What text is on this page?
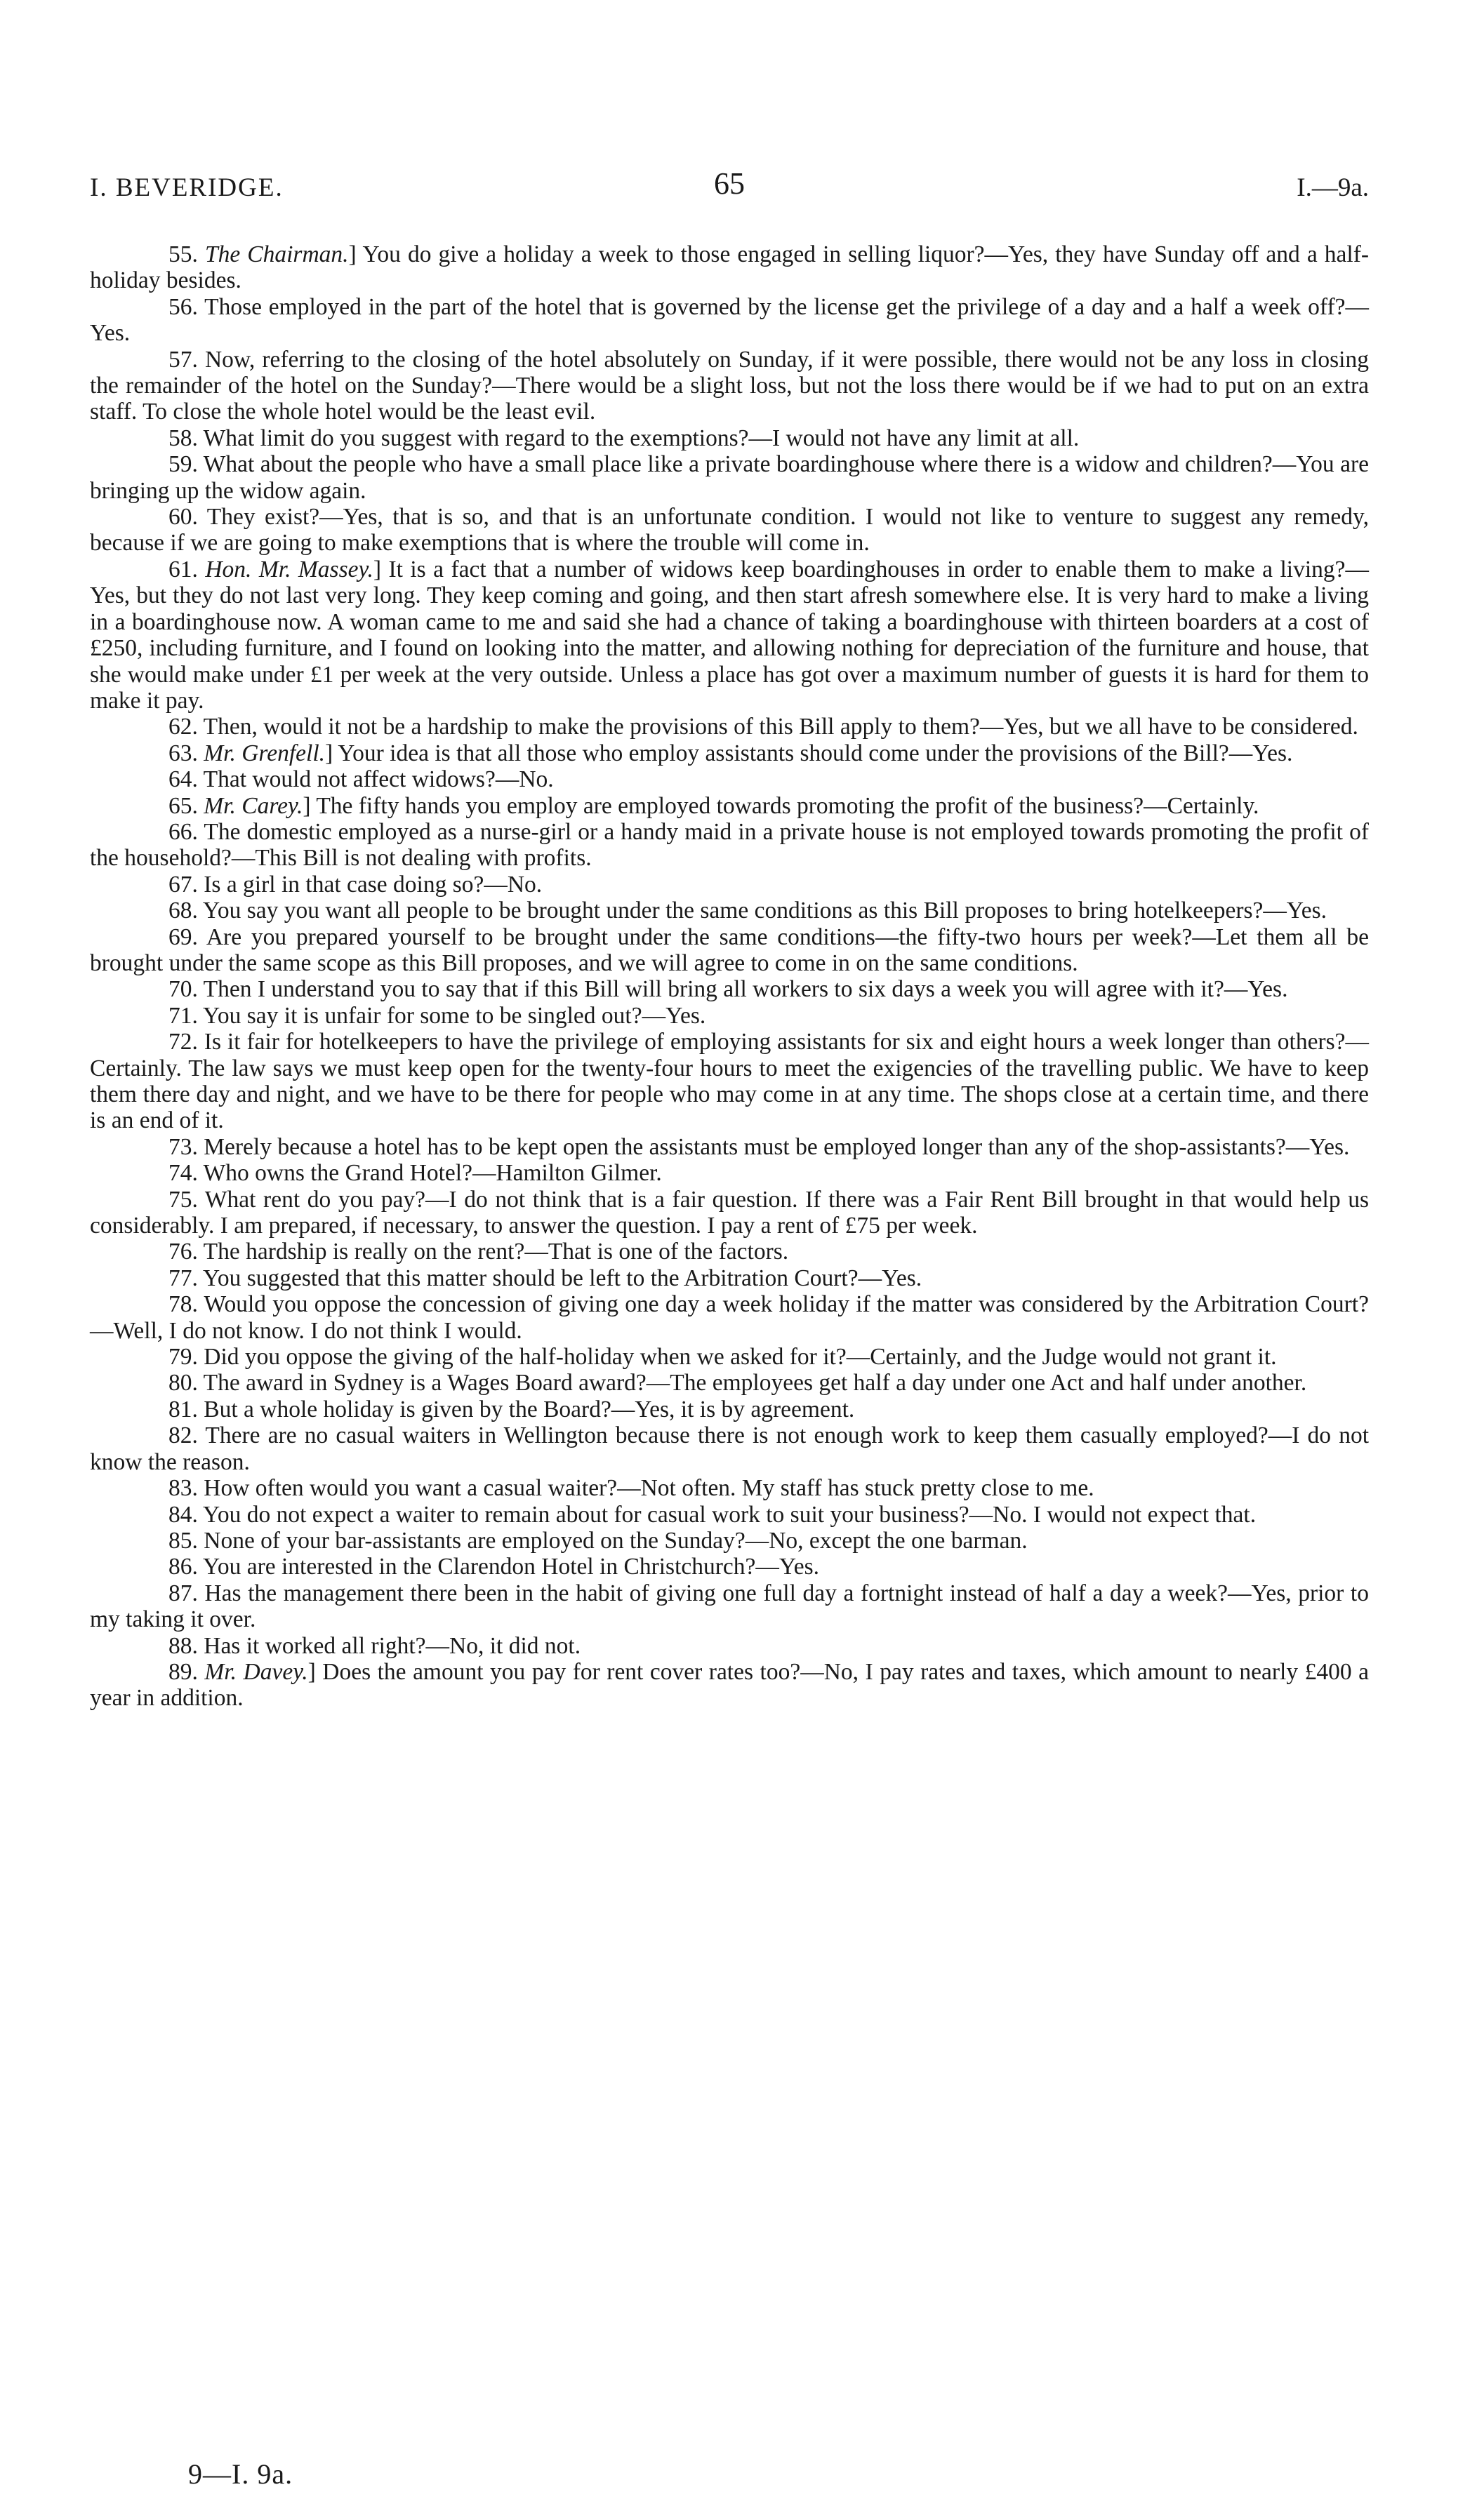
I. BEVERIDGE.	65	I.—9a.

55. The Chairman.] You do give a holiday a week to those engaged in selling liquor?—Yes, they have Sunday off and a half-holiday besides.

56. Those employed in the part of the hotel that is governed by the license get the privilege of a day and a half a week off?—Yes.

57. Now, referring to the closing of the hotel absolutely on Sunday, if it were possible, there would not be any loss in closing the remainder of the hotel on the Sunday?—There would be a slight loss, but not the loss there would be if we had to put on an extra staff. To close the whole hotel would be the least evil.

58. What limit do you suggest with regard to the exemptions?—I would not have any limit at all.

59. What about the people who have a small place like a private boardinghouse where there is a widow and children?—You are bringing up the widow again.

60. They exist?—Yes, that is so, and that is an unfortunate condition. I would not like to venture to suggest any remedy, because if we are going to make exemptions that is where the trouble will come in.

61. Hon. Mr. Massey.] It is a fact that a number of widows keep boardinghouses in order to enable them to make a living?—Yes, but they do not last very long. They keep coming and going, and then start afresh somewhere else. It is very hard to make a living in a boardinghouse now. A woman came to me and said she had a chance of taking a boardinghouse with thirteen boarders at a cost of £250, including furniture, and I found on looking into the matter, and allowing nothing for depreciation of the furniture and house, that she would make under £1 per week at the very outside. Unless a place has got over a maximum number of guests it is hard for them to make it pay.

62. Then, would it not be a hardship to make the provisions of this Bill apply to them?—Yes, but we all have to be considered.

63. Mr. Grenfell.] Your idea is that all those who employ assistants should come under the provisions of the Bill?—Yes.

64. That would not affect widows?—No.

65. Mr. Carey.] The fifty hands you employ are employed towards promoting the profit of the business?—Certainly.

66. The domestic employed as a nurse-girl or a handy maid in a private house is not employed towards promoting the profit of the household?—This Bill is not dealing with profits.

67. Is a girl in that case doing so?—No.

68. You say you want all people to be brought under the same conditions as this Bill proposes to bring hotelkeepers?—Yes.

69. Are you prepared yourself to be brought under the same conditions—the fifty-two hours per week?—Let them all be brought under the same scope as this Bill proposes, and we will agree to come in on the same conditions.

70. Then I understand you to say that if this Bill will bring all workers to six days a week you will agree with it?—Yes.

71. You say it is unfair for some to be singled out?—Yes.

72. Is it fair for hotelkeepers to have the privilege of employing assistants for six and eight hours a week longer than others?—Certainly. The law says we must keep open for the twenty-four hours to meet the exigencies of the travelling public. We have to keep them there day and night, and we have to be there for people who may come in at any time. The shops close at a certain time, and there is an end of it.

73. Merely because a hotel has to be kept open the assistants must be employed longer than any of the shop-assistants?—Yes.

74. Who owns the Grand Hotel?—Hamilton Gilmer.

75. What rent do you pay?—I do not think that is a fair question. If there was a Fair Rent Bill brought in that would help us considerably. I am prepared, if necessary, to answer the question. I pay a rent of £75 per week.

76. The hardship is really on the rent?—That is one of the factors.

77. You suggested that this matter should be left to the Arbitration Court?—Yes.

78. Would you oppose the concession of giving one day a week holiday if the matter was considered by the Arbitration Court?—Well, I do not know. I do not think I would.

79. Did you oppose the giving of the half-holiday when we asked for it?—Certainly, and the Judge would not grant it.

80. The award in Sydney is a Wages Board award?—The employees get half a day under one Act and half under another.

81. But a whole holiday is given by the Board?—Yes, it is by agreement.

82. There are no casual waiters in Wellington because there is not enough work to keep them casually employed?—I do not know the reason.

83. How often would you want a casual waiter?—Not often. My staff has stuck pretty close to me.

84. You do not expect a waiter to remain about for casual work to suit your business?—No. I would not expect that.

85. None of your bar-assistants are employed on the Sunday?—No, except the one barman.

86. You are interested in the Clarendon Hotel in Christchurch?—Yes.

87. Has the management there been in the habit of giving one full day a fortnight instead of half a day a week?—Yes, prior to my taking it over.

88. Has it worked all right?—No, it did not.

89. Mr. Davey.] Does the amount you pay for rent cover rates too?—No, I pay rates and taxes, which amount to nearly £400 a year in addition.

9—I. 9a.
